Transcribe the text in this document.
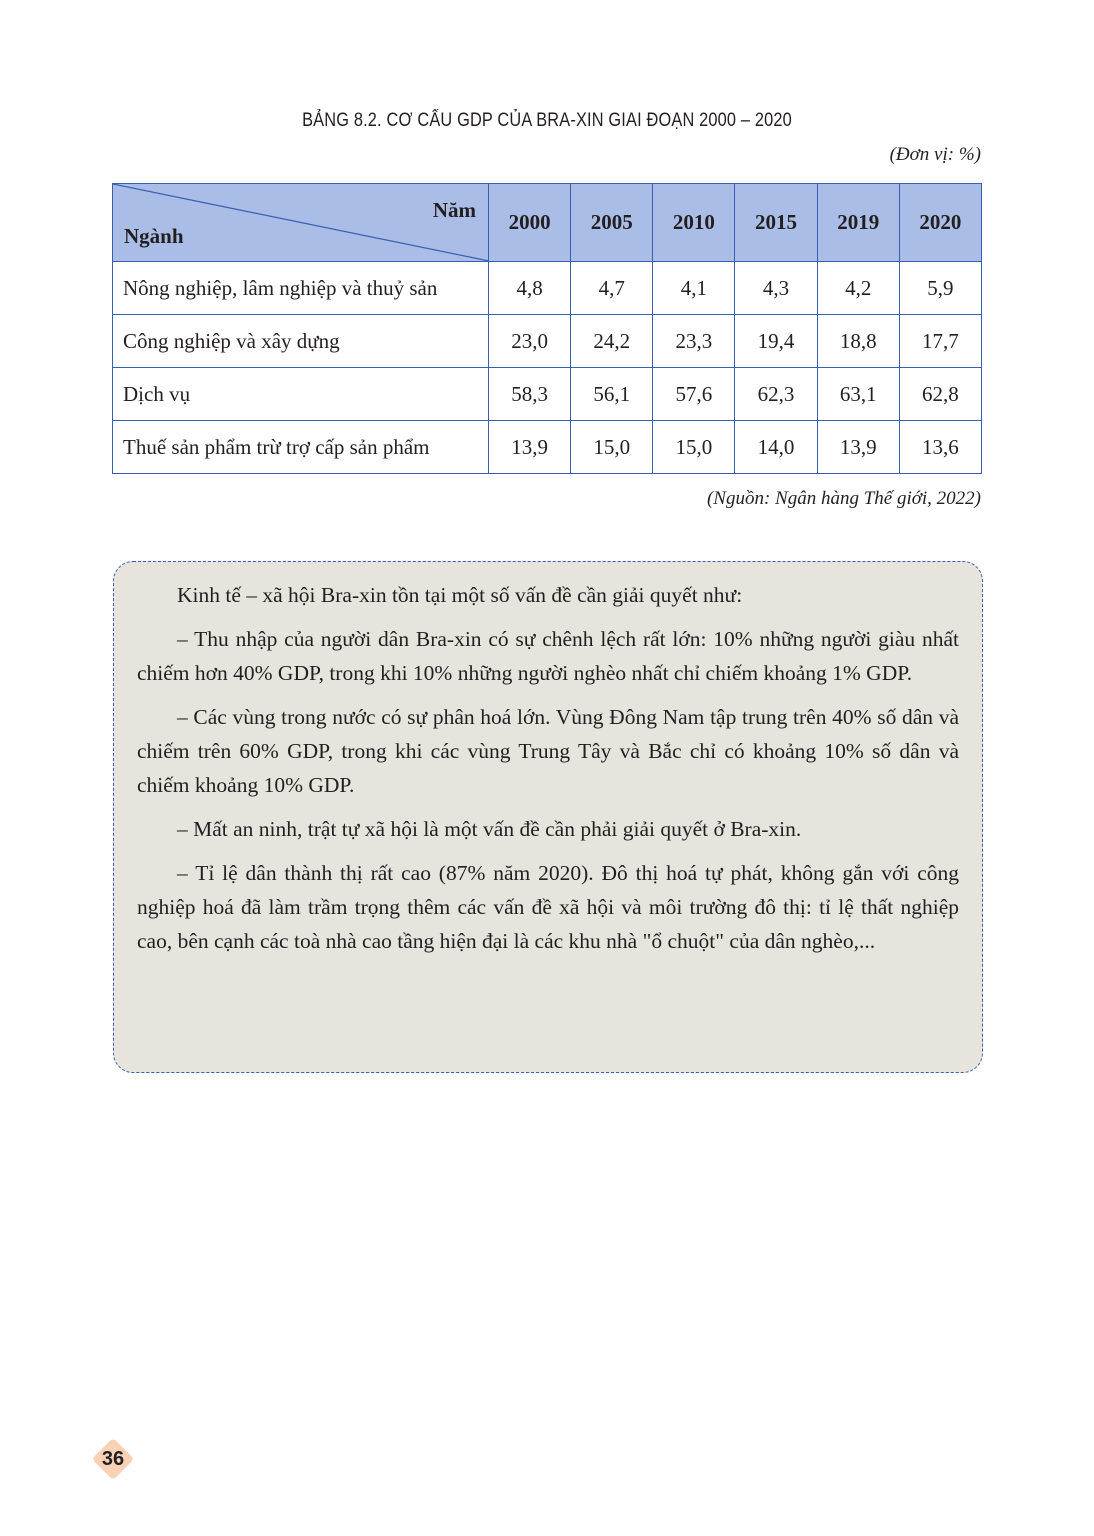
BẢNG 8.2. CƠ CẤU GDP CỦA BRA-XIN GIAI ĐOẠN 2000 – 2020
(Đơn vị: %)
Năm
Ngành	2000	2005	2010	2015	2019	2020
Nông nghiệp, lâm nghiệp và thuỷ sản	4,8	4,7	4,1	4,3	4,2	5,9
Công nghiệp và xây dựng	23,0	24,2	23,3	19,4	18,8	17,7
Dịch vụ	58,3	56,1	57,6	62,3	63,1	62,8
Thuế sản phẩm trừ trợ cấp sản phẩm	13,9	15,0	15,0	14,0	13,9	13,6
(Nguồn: Ngân hàng Thế giới, 2022)

Kinh tế – xã hội Bra-xin tồn tại một số vấn đề cần giải quyết như:

– Thu nhập của người dân Bra-xin có sự chênh lệch rất lớn: 10% những người giàu nhất chiếm hơn 40% GDP, trong khi 10% những người nghèo nhất chỉ chiếm khoảng 1% GDP.

– Các vùng trong nước có sự phân hoá lớn. Vùng Đông Nam tập trung trên 40% số dân và chiếm trên 60% GDP, trong khi các vùng Trung Tây và Bắc chỉ có khoảng 10% số dân và chiếm khoảng 10% GDP.

– Mất an ninh, trật tự xã hội là một vấn đề cần phải giải quyết ở Bra-xin.

– Tỉ lệ dân thành thị rất cao (87% năm 2020). Đô thị hoá tự phát, không gắn với công nghiệp hoá đã làm trầm trọng thêm các vấn đề xã hội và môi trường đô thị: tỉ lệ thất nghiệp cao, bên cạnh các toà nhà cao tầng hiện đại là các khu nhà "ổ chuột" của dân nghèo,...

36
